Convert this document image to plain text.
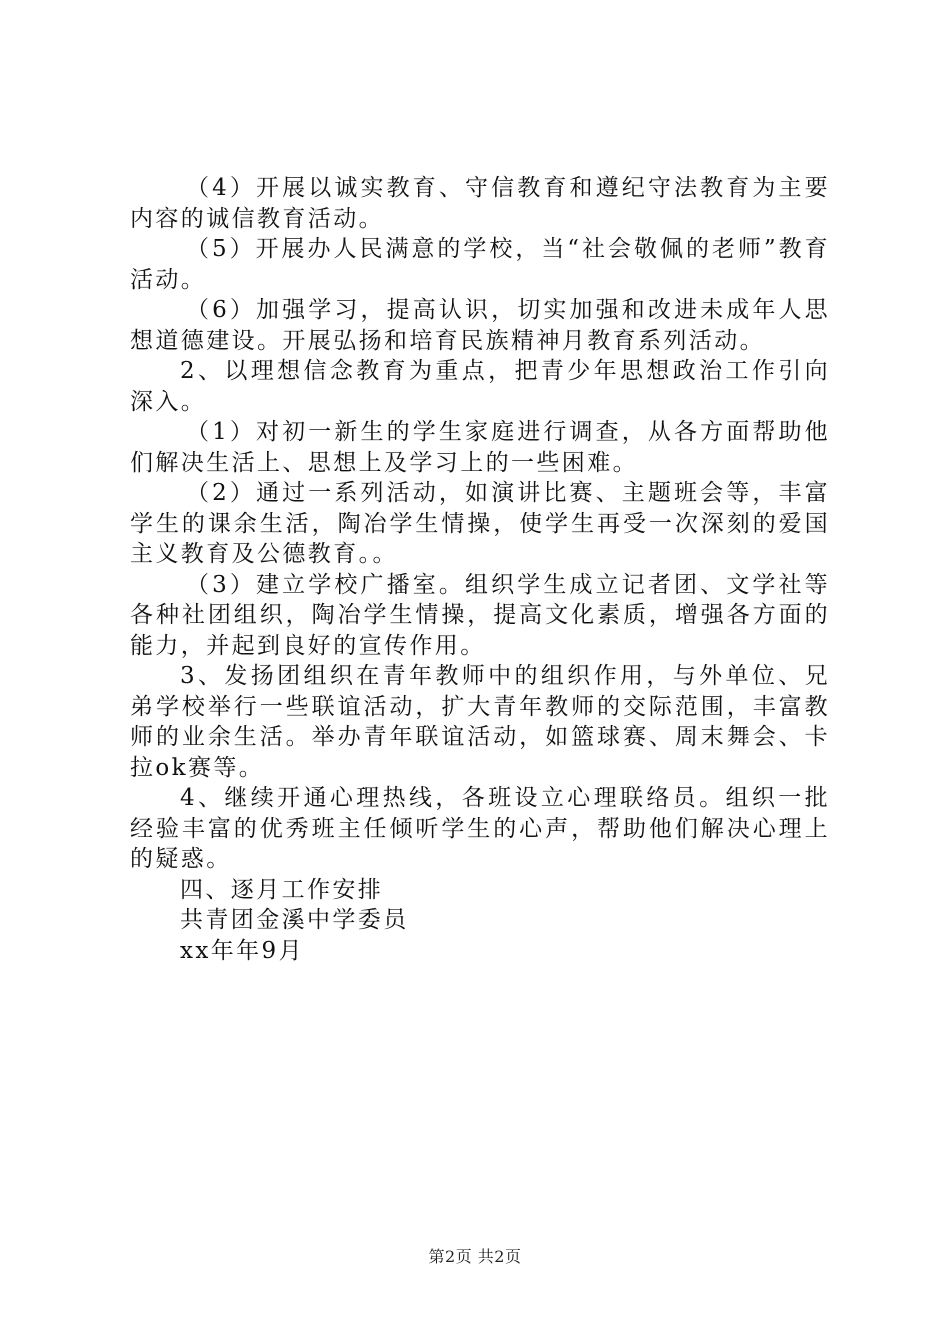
（4）开展以诚实教育、守信教育和遵纪守法教育为主要内容的诚信教育活动。

（5）开展办人民满意的学校，当“社会敬佩的老师”教育活动。

（6）加强学习，提高认识，切实加强和改进未成年人思想道德建设。开展弘扬和培育民族精神月教育系列活动。

2、以理想信念教育为重点，把青少年思想政治工作引向深入。

（1）对初一新生的学生家庭进行调查，从各方面帮助他们解决生活上、思想上及学习上的一些困难。

（2）通过一系列活动，如演讲比赛、主题班会等，丰富学生的课余生活，陶冶学生情操，使学生再受一次深刻的爱国主义教育及公德教育。。

（3）建立学校广播室。组织学生成立记者团、文学社等各种社团组织，陶冶学生情操，提高文化素质，增强各方面的能力，并起到良好的宣传作用。

3、发扬团组织在青年教师中的组织作用，与外单位、兄弟学校举行一些联谊活动，扩大青年教师的交际范围，丰富教师的业余生活。举办青年联谊活动，如篮球赛、周末舞会、卡拉ok赛等。

4、继续开通心理热线，各班设立心理联络员。组织一批经验丰富的优秀班主任倾听学生的心声，帮助他们解决心理上的疑惑。

四、逐月工作安排

共青团金溪中学委员

xx年年9月

第2页 共2页
